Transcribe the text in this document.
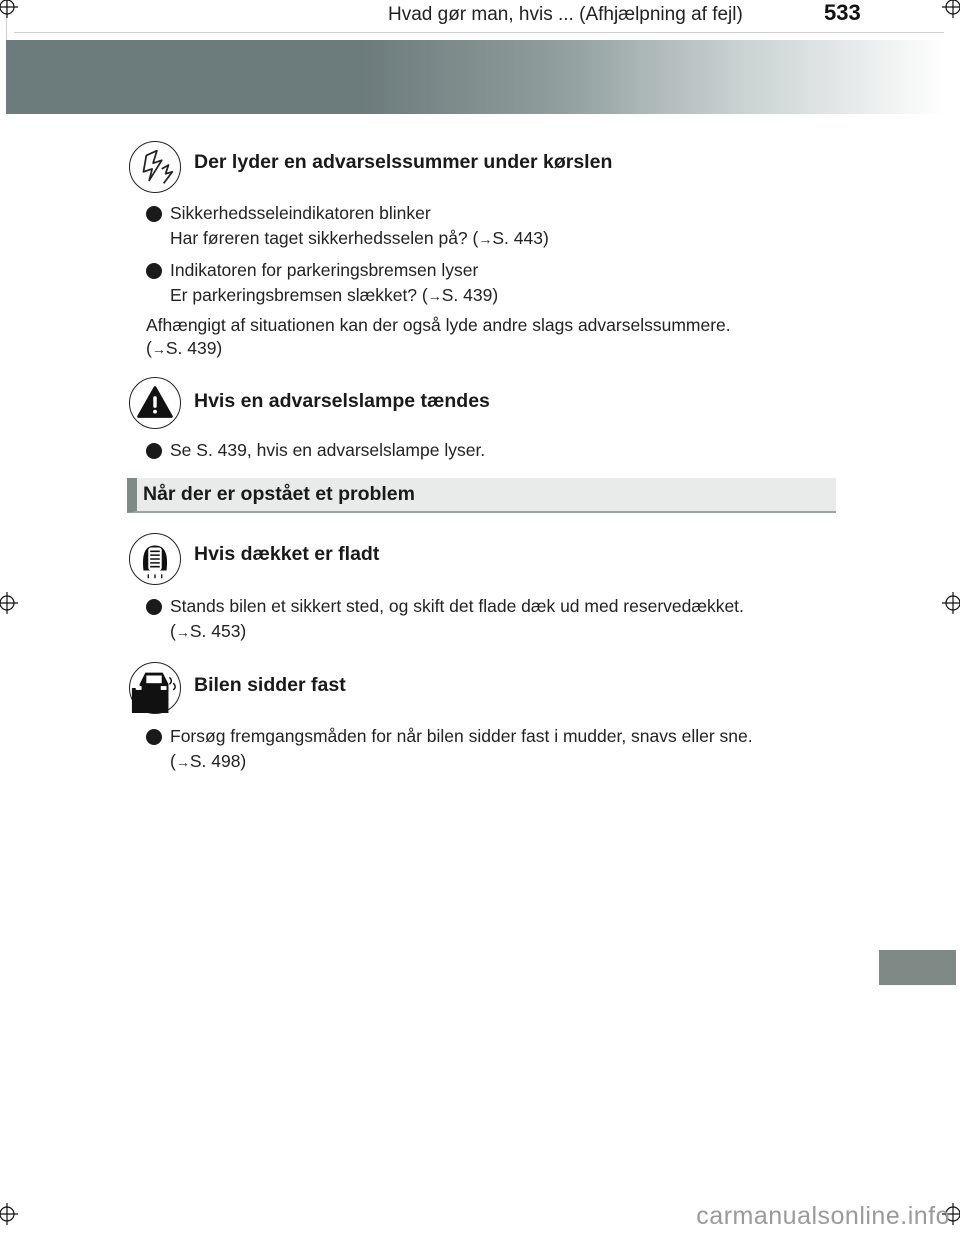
Hvad gør man, hvis ... (Afhjælpning af fejl)	533
Der lyder en advarselssummer under kørslen
Sikkerhedsseleindikatoren blinker
Har føreren taget sikkerhedsselen på? (→S. 443)
Indikatoren for parkeringsbremsen lyser
Er parkeringsbremsen slækket? (→S. 439)
Afhængigt af situationen kan der også lyde andre slags advarselssummere.
(→S. 439)
Hvis en advarselslampe tændes
Se S. 439, hvis en advarselslampe lyser.
Når der er opstået et problem
Hvis dækket er fladt
Stands bilen et sikkert sted, og skift det flade dæk ud med reservedækket.
(→S. 453)
Bilen sidder fast
Forsøg fremgangsmåden for når bilen sidder fast i mudder, snavs eller sne.
(→S. 498)
carmanualsonline.info
